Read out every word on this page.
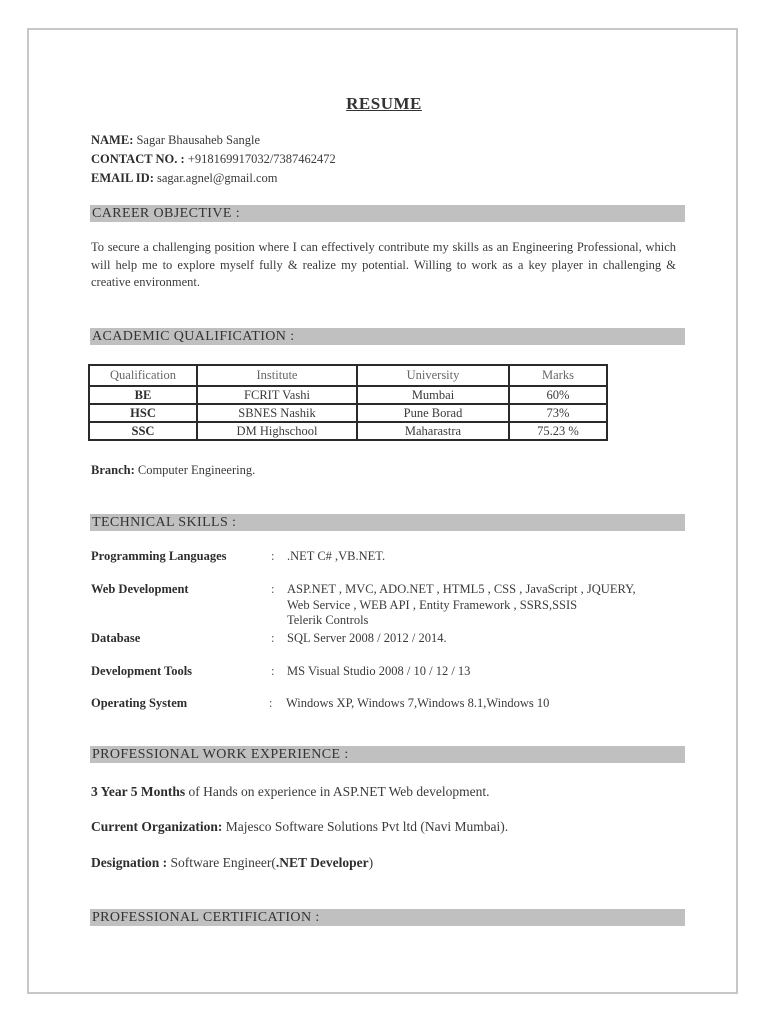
RESUME
NAME: Sagar Bhausaheb Sangle
CONTACT NO. : +918169917032/7387462472
EMAIL ID: sagar.agnel@gmail.com
CAREER OBJECTIVE :
To secure a challenging position where I can effectively contribute my skills as an Engineering Professional, which will help me to explore myself fully & realize my potential. Willing to work as a key player in challenging & creative environment.
ACADEMIC QUALIFICATION :
Qualification	Institute	University	Marks
BE	FCRIT Vashi	Mumbai	60%
HSC	SBNES Nashik	Pune Borad	73%
SSC	DM Highschool	Maharastra	75.23 %
Branch: Computer Engineering.
TECHNICAL SKILLS :
Programming Languages	: .NET C# ,VB.NET.
Web Development	: ASP.NET , MVC, ADO.NET , HTML5 , CSS , JavaScript , JQUERY,
Web Service , WEB API , Entity Framework , SSRS,SSIS
Telerik Controls
Database	: SQL Server 2008 / 2012 / 2014.
Development Tools	: MS Visual Studio 2008 / 10 / 12 / 13
Operating System	: Windows XP, Windows 7,Windows 8.1,Windows 10
PROFESSIONAL WORK EXPERIENCE :
3 Year 5 Months of Hands on experience in ASP.NET Web development.
Current Organization: Majesco Software Solutions Pvt ltd (Navi Mumbai).
Designation : Software Engineer(.NET Developer)
PROFESSIONAL CERTIFICATION :
